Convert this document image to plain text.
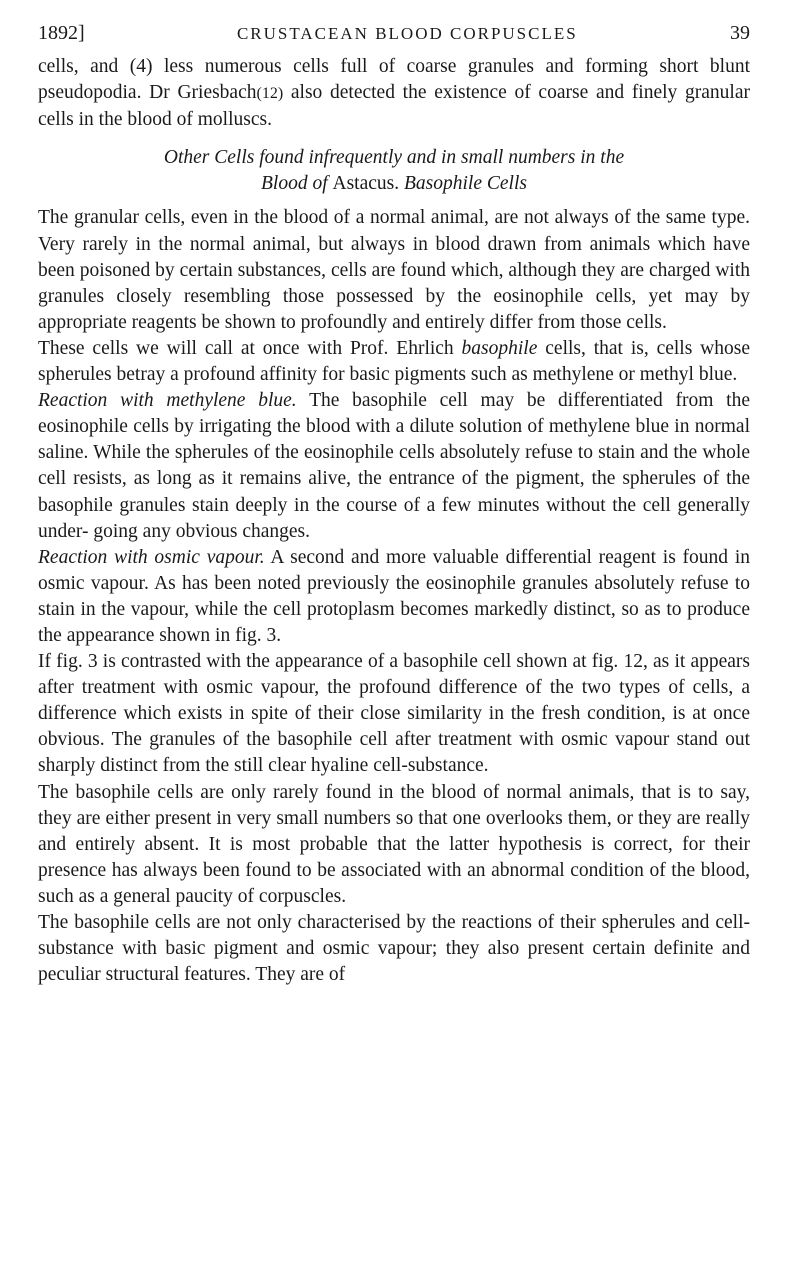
1892]	CRUSTACEAN BLOOD CORPUSCLES	39

cells, and (4) less numerous cells full of coarse granules and forming short blunt pseudopodia. Dr Griesbach(12) also detected the existence of coarse and finely granular cells in the blood of molluscs.

Other Cells found infrequently and in small numbers in the
Blood of Astacus. Basophile Cells

The granular cells, even in the blood of a normal animal, are not always of the same type. Very rarely in the normal animal, but always in blood drawn from animals which have been poisoned by certain substances, cells are found which, although they are charged with granules closely resembling those possessed by the eosinophile cells, yet may by appropriate reagents be shown to profoundly and entirely differ from those cells.

These cells we will call at once with Prof. Ehrlich basophile cells, that is, cells whose spherules betray a profound affinity for basic pigments such as methylene or methyl blue.

Reaction with methylene blue. The basophile cell may be differentiated from the eosinophile cells by irrigating the blood with a dilute solution of methylene blue in normal saline. While the spherules of the eosinophile cells absolutely refuse to stain and the whole cell resists, as long as it remains alive, the entrance of the pigment, the spherules of the basophile granules stain deeply in the course of a few minutes without the cell generally under- going any obvious changes.

Reaction with osmic vapour. A second and more valuable differential reagent is found in osmic vapour. As has been noted previously the eosinophile granules absolutely refuse to stain in the vapour, while the cell protoplasm becomes markedly distinct, so as to produce the appearance shown in fig. 3.

If fig. 3 is contrasted with the appearance of a basophile cell shown at fig. 12, as it appears after treatment with osmic vapour, the profound difference of the two types of cells, a difference which exists in spite of their close similarity in the fresh condition, is at once obvious. The granules of the basophile cell after treatment with osmic vapour stand out sharply distinct from the still clear hyaline cell-substance.

The basophile cells are only rarely found in the blood of normal animals, that is to say, they are either present in very small numbers so that one overlooks them, or they are really and entirely absent. It is most probable that the latter hypothesis is correct, for their presence has always been found to be associated with an abnormal condition of the blood, such as a general paucity of corpuscles.

The basophile cells are not only characterised by the reactions of their spherules and cell-substance with basic pigment and osmic vapour; they also present certain definite and peculiar structural features. They are of
